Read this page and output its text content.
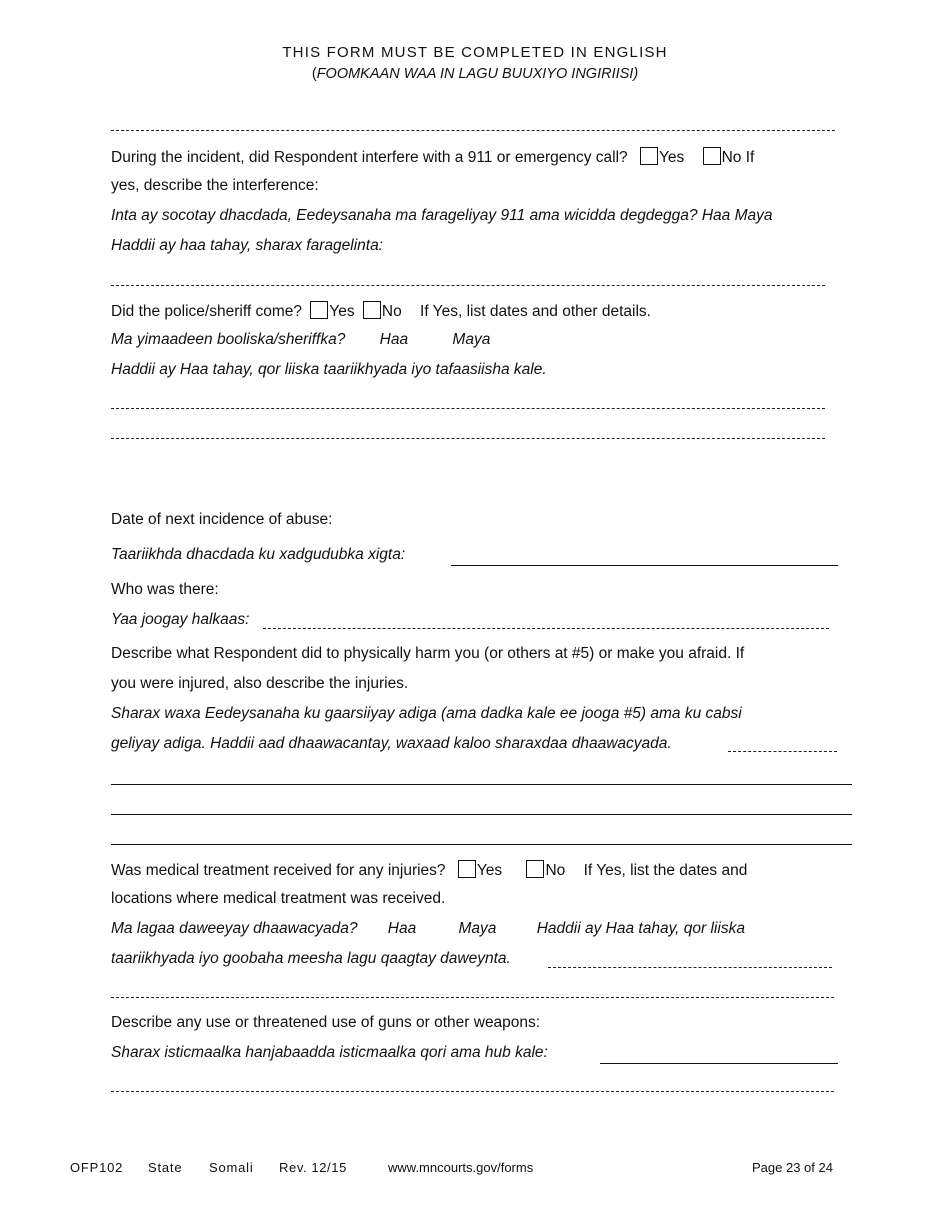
THIS FORM MUST BE COMPLETED IN ENGLISH
(FOOMKAAN WAA IN LAGU BUUXIYO INGIRIISI)
During the incident, did Respondent interfere with a 911 or emergency call? Yes No If
yes, describe the interference:
Inta ay socotay dhacdada, Eedeysanaha ma farageliyay 911 ama wicidda degdegga? Haa Maya
Haddii ay haa tahay, sharax faragelinta:
Did the police/sheriff come? Yes No If Yes, list dates and other details.
Ma yimaadeen booliska/sheriffka? Haa	Maya
Haddii ay Haa tahay, qor liiska taariikhyada iyo tafaasiisha kale.
Date of next incidence of abuse:
Taariikhda dhacdada ku xadgudubka xigta:
Who was there:
Yaa joogay halkaas:
Describe what Respondent did to physically harm you (or others at #5) or make you afraid. If
you were injured, also describe the injuries.
Sharax waxa Eedeysanaha ku gaarsiiyay adiga (ama dadka kale ee jooga #5) ama ku cabsi
geliyay adiga. Haddii aad dhaawacantay, waxaad kaloo sharaxdaa dhaawacyada.
Was medical treatment received for any injuries? Yes	No If Yes, list the dates and
locations where medical treatment was received.
Ma lagaa daweeyay dhaawacyada? Haa	Maya	Haddii ay Haa tahay, qor liiska
taariikhyada iyo goobaha meesha lagu qaagtay daweynta.
Describe any use or threatened use of guns or other weapons:
Sharax isticmaalka hanjabaadda isticmaalka qori ama hub kale:
OFP102 State Somali Rev. 12/15	www.mncourts.gov/forms	Page 23 of 24
